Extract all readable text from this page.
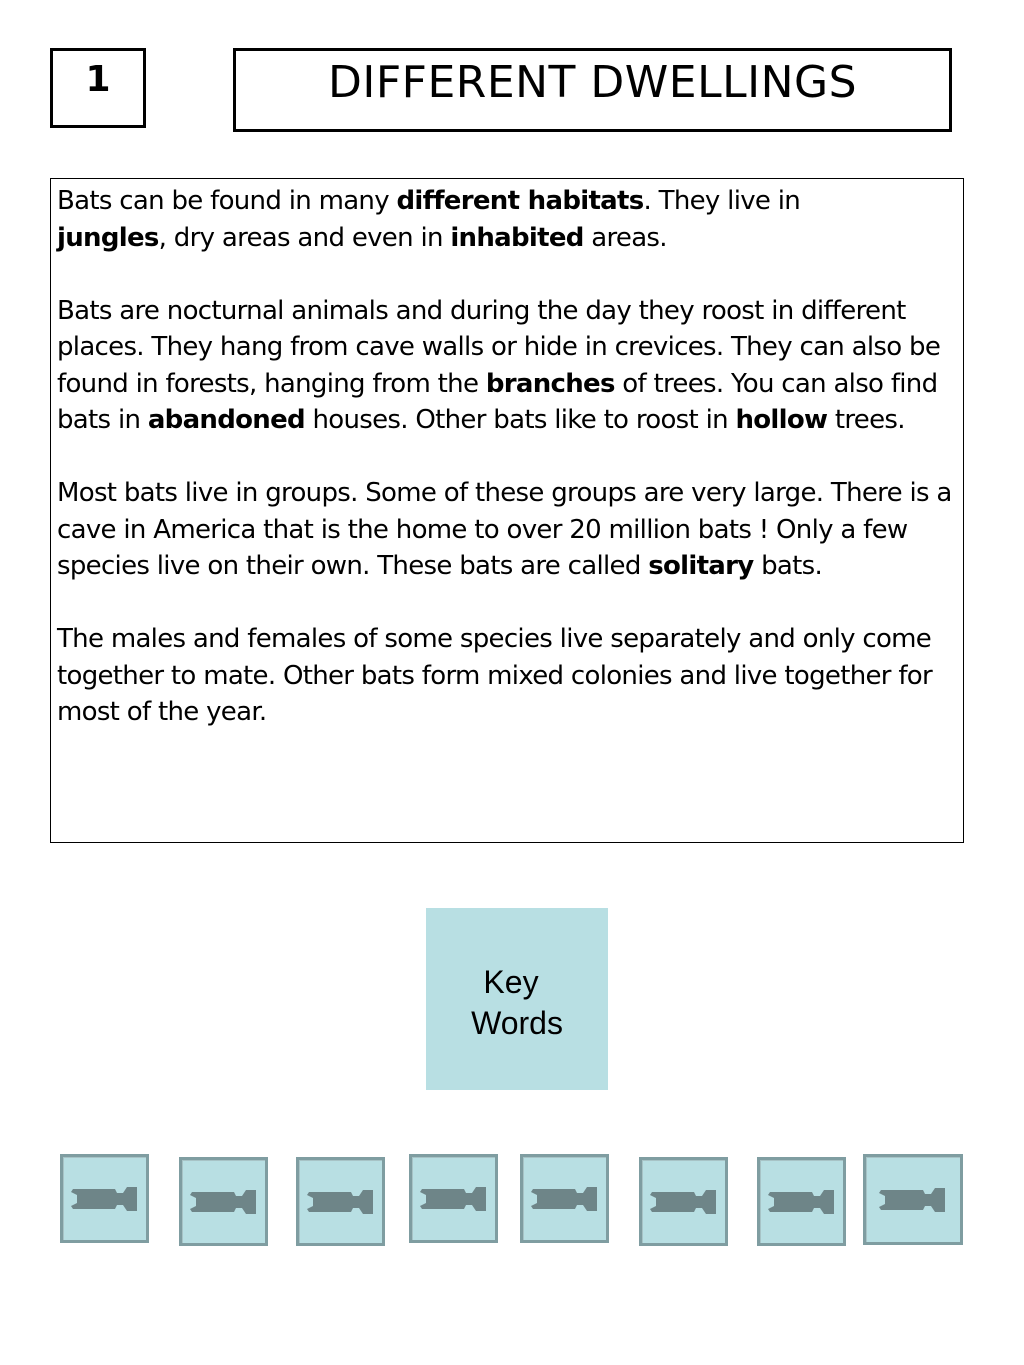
1	DIFFERENT DWELLINGS

Bats can be found in many different habitats. They live in
jungles, dry areas and even in inhabited areas.

Bats are nocturnal animals and during the day they roost in different places. They hang from cave walls or hide in crevices. They can also be found in forests, hanging from the branches of trees. You can also find bats in abandoned houses. Other bats like to roost in hollow trees.

Most bats live in groups. Some of these groups are very large. There is a cave in America that is the home to over 20 million bats ! Only a few species live on their own. These bats are called solitary bats.

The males and females of some species live separately and only come together to mate. Other bats form mixed colonies and live together for most of the year.

Key
Words
